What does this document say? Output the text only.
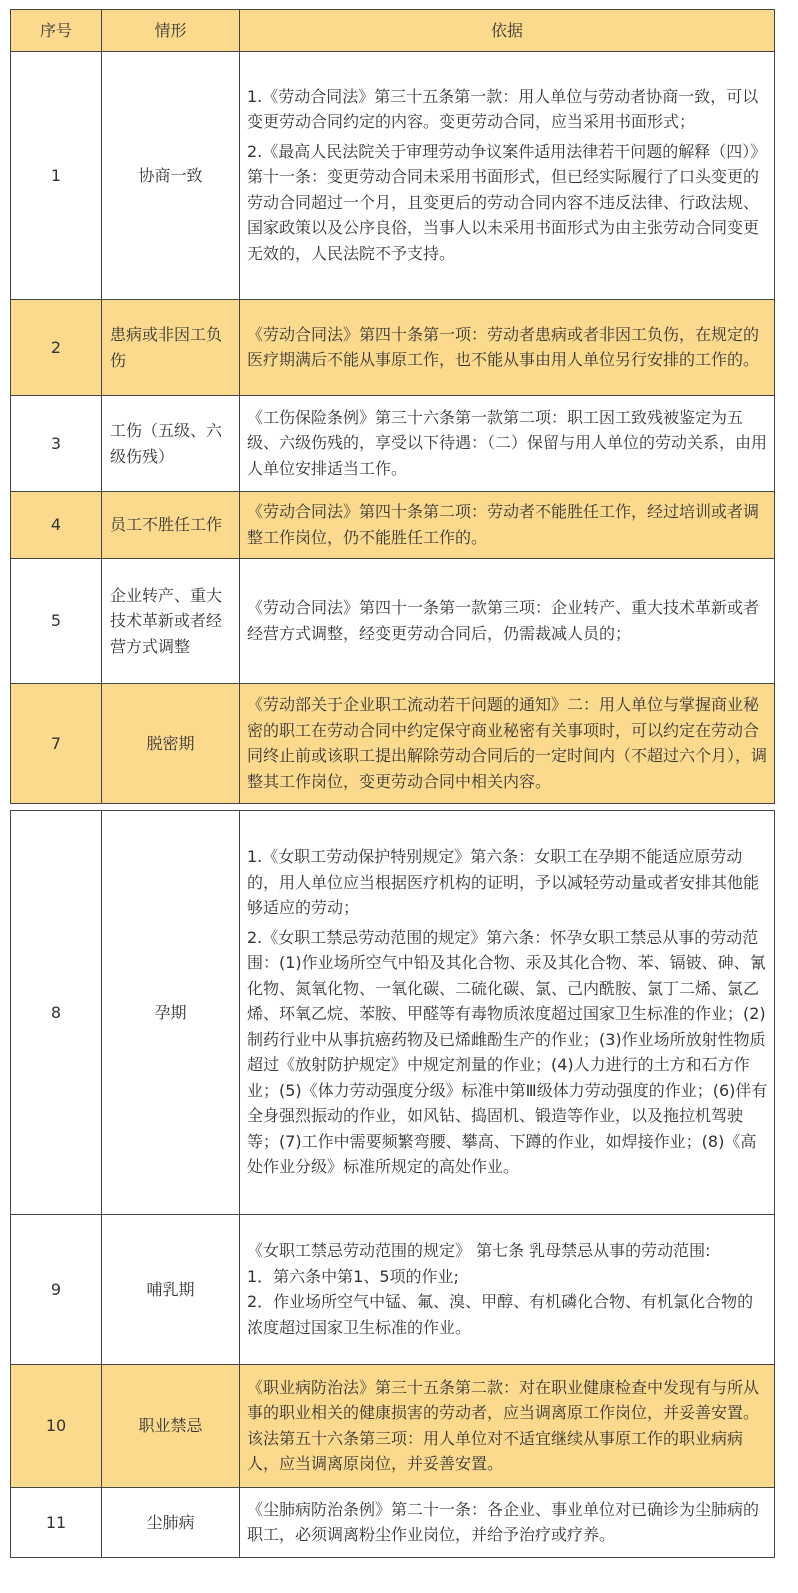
序号	情形	依据
1	协商一致	1.《劳动合同法》第三十五条第一款：用人单位与劳动者协商一致，可以变更劳动合同约定的内容。变更劳动合同，应当采用书面形式；

2.《最高人民法院关于审理劳动争议案件适用法律若干问题的解释（四）》第十一条：变更劳动合同未采用书面形式，但已经实际履行了口头变更的劳动合同超过一个月，且变更后的劳动合同内容不违反法律、行政法规、国家政策以及公序良俗，当事人以未采用书面形式为由主张劳动合同变更无效的，人民法院不予支持。

2	患病或非因工负伤	《劳动合同法》第四十条第一项：劳动者患病或者非因工负伤，在规定的医疗期满后不能从事原工作，也不能从事由用人单位另行安排的工作的。

3	工伤（五级、六级伤残）	《工伤保险条例》第三十六条第一款第二项：职工因工致残被鉴定为五级、六级伤残的，享受以下待遇：（二）保留与用人单位的劳动关系，由用人单位安排适当工作。

4	员工不胜任工作	《劳动合同法》第四十条第二项：劳动者不能胜任工作，经过培训或者调整工作岗位，仍不能胜任工作的。

5	企业转产、重大技术革新或者经营方式调整	《劳动合同法》第四十一条第一款第三项：企业转产、重大技术革新或者经营方式调整，经变更劳动合同后，仍需裁减人员的；

7	脱密期	《劳动部关于企业职工流动若干问题的通知》二：用人单位与掌握商业秘密的职工在劳动合同中约定保守商业秘密有关事项时，可以约定在劳动合同终止前或该职工提出解除劳动合同后的一定时间内（不超过六个月），调整其工作岗位，变更劳动合同中相关内容。

8	孕期	1.《女职工劳动保护特别规定》第六条：女职工在孕期不能适应原劳动的，用人单位应当根据医疗机构的证明，予以减轻劳动量或者安排其他能够适应的劳动；

2.《女职工禁忌劳动范围的规定》第六条：怀孕女职工禁忌从事的劳动范围：(1)作业场所空气中铅及其化合物、汞及其化合物、苯、镉铍、砷、氰化物、氮氧化物、一氧化碳、二硫化碳、氯、己内酰胺、氯丁二烯、氯乙烯、环氧乙烷、苯胺、甲醛等有毒物质浓度超过国家卫生标准的作业；(2)制药行业中从事抗癌药物及已烯雌酚生产的作业；(3)作业场所放射性物质超过《放射防护规定》中规定剂量的作业；(4)人力进行的土方和石方作业；(5)《体力劳动强度分级》标准中第Ⅲ级体力劳动强度的作业；(6)伴有全身强烈振动的作业，如风钻、捣固机、锻造等作业，以及拖拉机驾驶等；(7)工作中需要频繁弯腰、攀高、下蹲的作业，如焊接作业；(8)《高处作业分级》标准所规定的高处作业。

9	哺乳期	《女职工禁忌劳动范围的规定》 第七条 乳母禁忌从事的劳动范围:

1．第六条中第1、5项的作业;

2．作业场所空气中锰、氟、溴、甲醇、有机磷化合物、有机氯化合物的浓度超过国家卫生标准的作业。

10	职业禁忌	《职业病防治法》第三十五条第二款：对在职业健康检查中发现有与所从事的职业相关的健康损害的劳动者，应当调离原工作岗位，并妥善安置。该法第五十六条第三项：用人单位对不适宜继续从事原工作的职业病病人，应当调离原岗位，并妥善安置。

11	尘肺病	《尘肺病防治条例》第二十一条：各企业、事业单位对已确诊为尘肺病的职工，必须调离粉尘作业岗位，并给予治疗或疗养。
